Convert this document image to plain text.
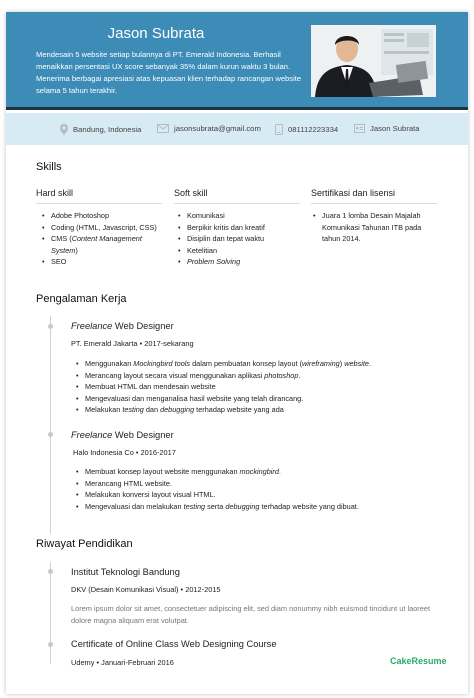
Jason Subrata
Mendesain 5 website setiap bulannya di PT. Emerald Indonesia. Berhasil menaikkan persentasi UX score sebanyak 35% dalam kurun waktu 3 bulan. Menerima berbagai apresiasi atas kepuasan klien terhadap rancangan website selama 5 tahun terakhir.
Bandung, Indonesia	jasonsubrata@gmail.com	081112223334	Jason Subrata
Skills
Hard skill
• Adobe Photoshop
• Coding (HTML, Javascript, CSS)
• CMS (Content Management System)
• SEO
Soft skill
• Komunikasi
• Berpikir kritis dan kreatif
• Disiplin dan tepat waktu
• Ketelitian
• Problem Solving
Sertifikasi dan lisensi
• Juara 1 lomba Desain Majalah Komunikasi Tahunan ITB pada tahun 2014.
Pengalaman Kerja
Freelance Web Designer
PT. Emerald Jakarta • 2017-sekarang
• Menggunakan Mockingbird tools dalam pembuatan konsep layout (wireframing) website.
• Merancang layout secara visual menggunakan aplikasi photoshop.
• Membuat HTML dan mendesain website
• Mengevaluasi dan menganalisa hasil website yang telah dirancang.
• Melakukan testing dan debugging terhadap website yang ada
Freelance Web Designer
Halo Indonesia Co • 2016-2017
• Membuat konsep layout website menggunakan mockingbird.
• Merancang HTML website.
• Melakukan konversi layout visual HTML.
• Mengevaluasi dan melakukan testing serta debugging terhadap website yang dibuat.
Riwayat Pendidikan
Institut Teknologi Bandung
DKV (Desain Komunikasi Visual) • 2012-2015
Lorem ipsum dolor sit amet, consectetuer adipiscing elit, sed diam nonummy nibh euismod tincidunt ut laoreet dolore magna aliquam erat volutpat.
Certificate of Online Class Web Designing Course
Udemy • Januari-Februari 2016	CakeResume
